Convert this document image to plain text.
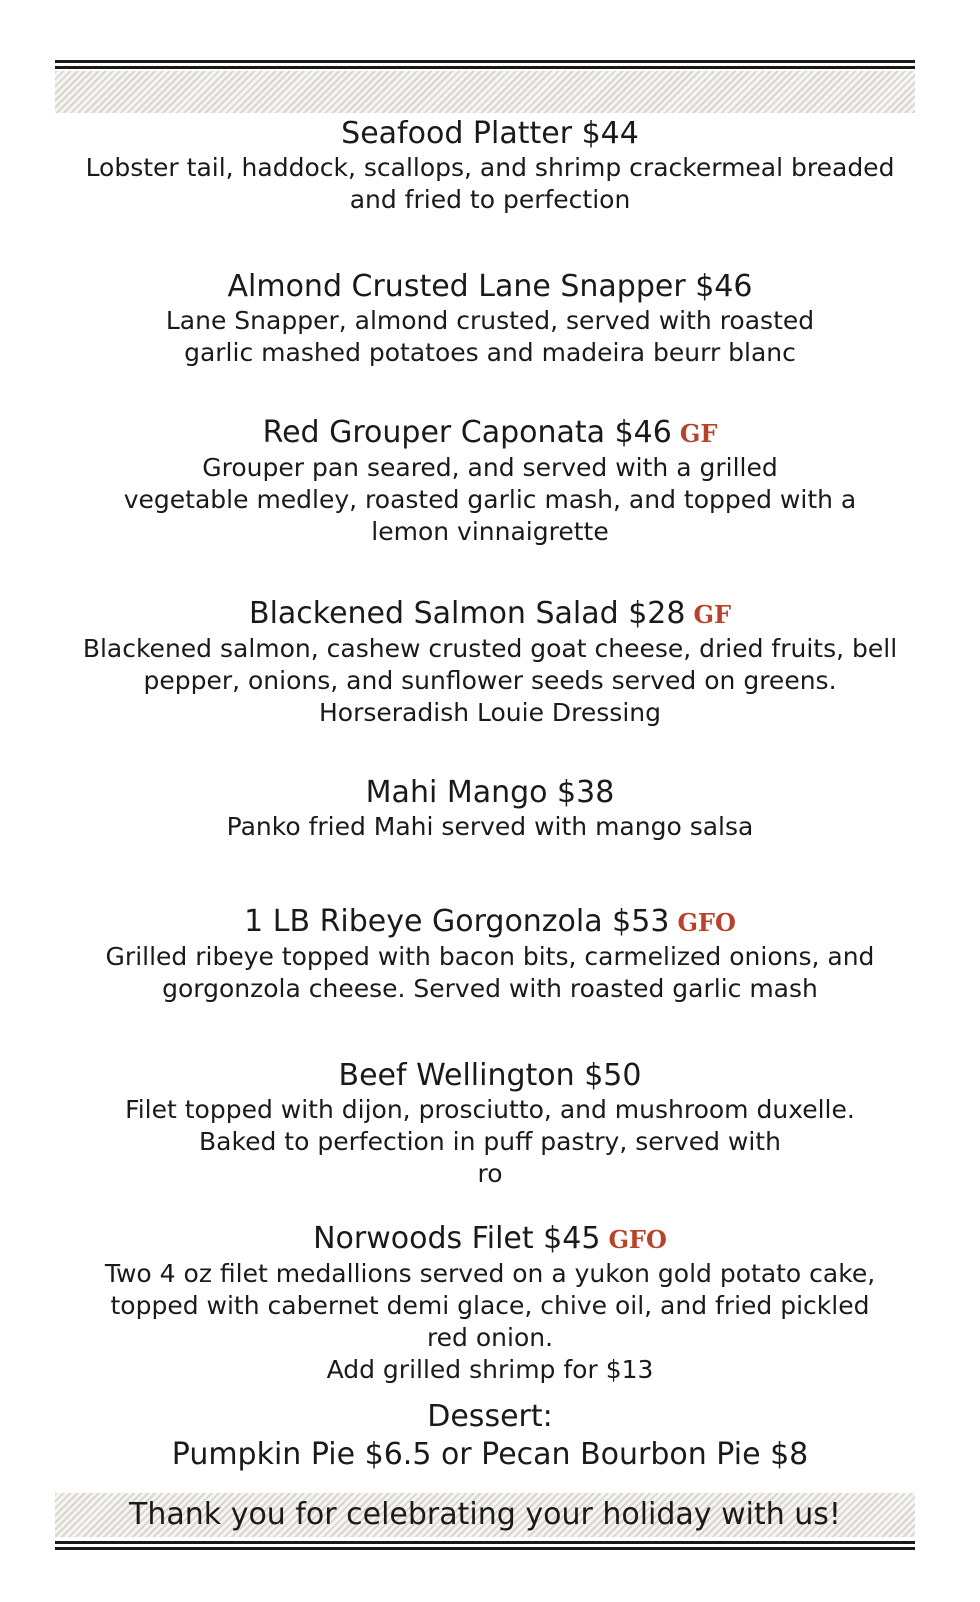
Seafood Platter $44
Lobster tail, haddock, scallops, and shrimp crackermeal breaded
and fried to perfection
Almond Crusted Lane Snapper $46
Lane Snapper, almond crusted, served with roasted
garlic mashed potatoes and madeira beurr blanc
Red Grouper Caponata $46 GF
Grouper pan seared, and served with a grilled
vegetable medley, roasted garlic mash, and topped with a
lemon vinnaigrette
Blackened Salmon Salad $28 GF
Blackened salmon, cashew crusted goat cheese, dried fruits, bell
pepper, onions, and sunflower seeds served on greens.
Horseradish Louie Dressing
Mahi Mango $38
Panko fried Mahi served with mango salsa
1 LB Ribeye Gorgonzola $53 GFO
Grilled ribeye topped with bacon bits, carmelized onions, and
gorgonzola cheese. Served with roasted garlic mash
Beef Wellington $50
Filet topped with dijon, prosciutto, and mushroom duxelle.
Baked to perfection in puff pastry, served with
ro
Norwoods Filet $45 GFO
Two 4 oz filet medallions served on a yukon gold potato cake,
topped with cabernet demi glace, chive oil, and fried pickled
red onion.
Add grilled shrimp for $13
Dessert:
Pumpkin Pie $6.5 or Pecan Bourbon Pie $8
Thank you for celebrating your holiday with us!
